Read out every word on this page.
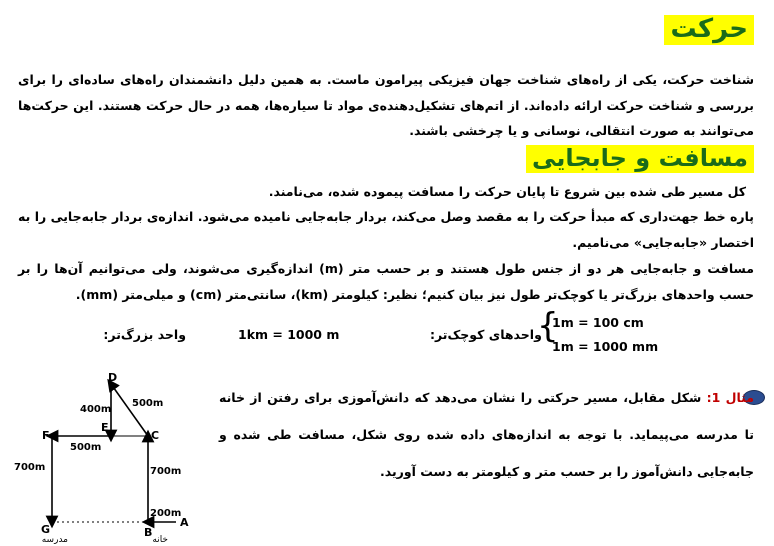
حرکت
شناخت حرکت، یکی از راه‌های شناخت جهان فیزیکی پیرامون ماست. به همین دلیل دانشمندان راه‌های ساده‌ای را برای بررسی و شناخت حرکت ارائه داده‌اند. از اتم‌های تشکیل‌دهنده‌ی مواد تا سیاره‌ها، همه در حال حرکت هستند. این حرکت‌ها می‌توانند به صورت انتقالی، نوسانی و یا چرخشی باشند.
مسافت و جابجایی
کل مسیر طی شده بین شروع تا پایان حرکت را مسافت پیموده شده، می‌نامند.
پاره خط جهت‌داری که مبدأ حرکت را به مقصد وصل می‌کند، بردار جابه‌جایی نامیده می‌شود. اندازه‌ی بردار جابه‌جایی را به اختصار «جابه‌جایی» می‌نامیم.
مسافت و جابه‌جایی هر دو از جنس طول هستند و بر حسب متر (m) اندازه‌گیری می‌شوند، ولی می‌توانیم آن‌ها را بر حسب واحدهای بزرگ‌تر یا کوچک‌تر طول نیز بیان کنیم؛ نظیر: کیلومتر (km)، سانتی‌متر (cm) و میلی‌متر (mm).
واحد بزرگ‌تر:	1km = 1000 m	واحدهای کوچک‌تر:
{
1m = 100 cm
1m = 1000 mm
مثال 1: شکل مقابل، مسیر حرکتی را نشان می‌دهد که دانش‌آموزی برای رفتن از خانه تا مدرسه می‌پیماید. با توجه به اندازه‌های داده شده روی شکل، مسافت طی شده و جابه‌جایی دانش‌آموز را بر حسب متر و کیلومتر به دست آورید.
A
B
C
D
E
F
G
200m
700m
500m
400m
500m
700m
خانه
مدرسه
